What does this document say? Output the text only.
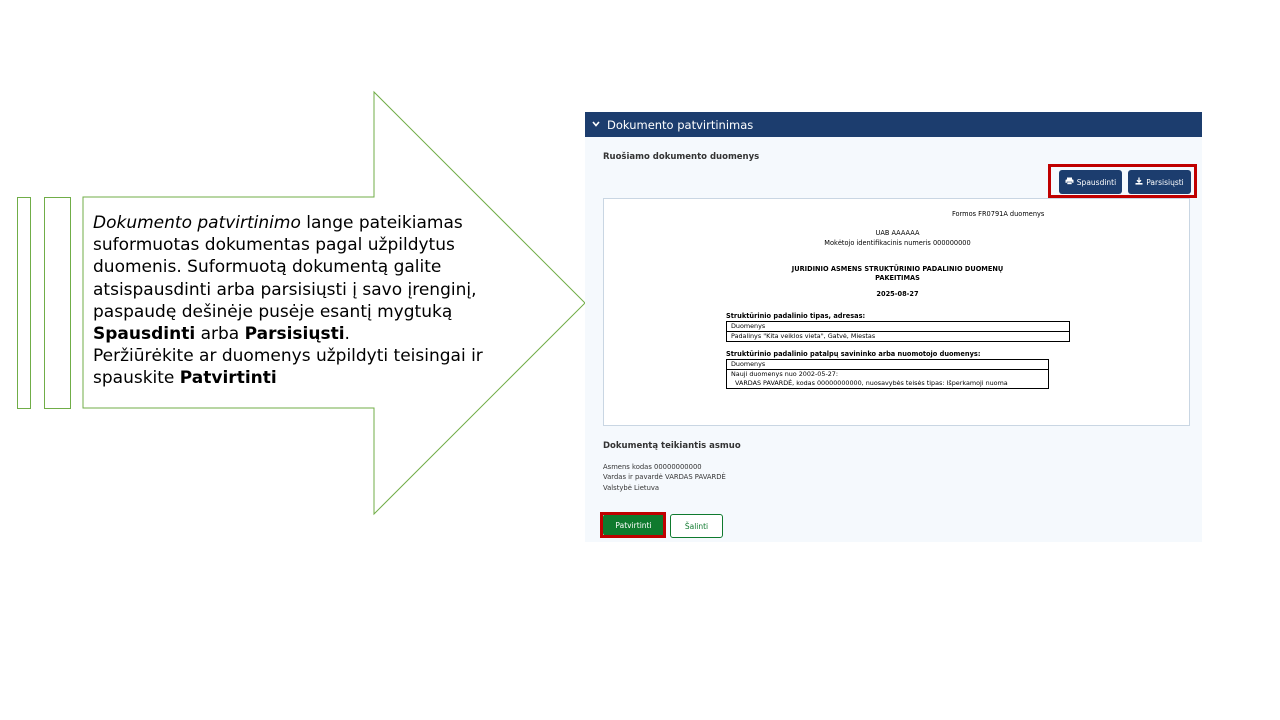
Dokumento patvirtinimo lange pateikiamas suformuotas dokumentas pagal užpildytus duomenis. Suformuotą dokumentą galite atsispausdinti arba parsisiųsti į savo įrenginį, paspaudę dešinėje pusėje esantį mygtuką Spausdinti arba Parsisiųsti.
Peržiūrėkite ar duomenys užpildyti teisingai ir spauskite Patvirtinti
Dokumento patvirtinimas
Ruošiamo dokumento duomenys
Spausdinti	Parsisiųsti
Formos FR0791A duomenys
UAB AAAAAA
Mokėtojo identifikacinis numeris 000000000
JURIDINIO ASMENS STRUKTŪRINIO PADALINIO DUOMENŲ
PAKEITIMAS
2025-08-27
Struktūrinio padalinio tipas, adresas:
Duomenys
Padalinys "Kita veiklos vieta", Gatvė, Miestas
Struktūrinio padalinio patalpų savininko arba nuomotojo duomenys:
Duomenys
Nauji duomenys nuo 2002-05-27:
VARDAS PAVARDĖ, kodas 00000000000, nuosavybės teisės tipas: Išperkamoji nuoma
Dokumentą teikiantis asmuo
Asmens kodas 00000000000
Vardas ir pavardė VARDAS PAVARDĖ
Valstybė Lietuva
Patvirtinti	Šalinti
